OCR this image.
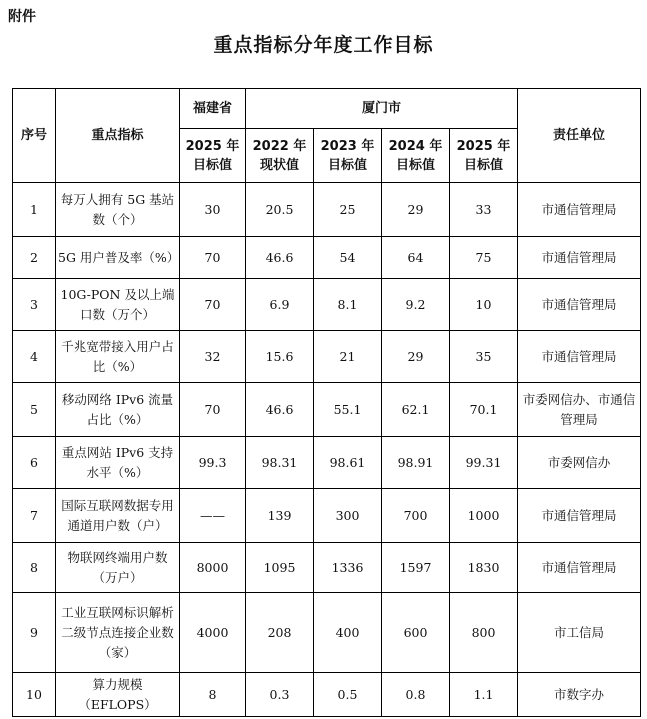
附件
重点指标分年度工作目标
序号	重点指标	福建省	厦门市				责任单位
		2025 年目标值	2022 年现状值	2023 年目标值	2024 年目标值	2025 年目标值	
1	每万人拥有 5G 基站数（个）	30	20.5	25	29	33	市通信管理局
2	5G 用户普及率（%）	70	46.6	54	64	75	市通信管理局
3	10G-PON 及以上端口数（万个）	70	6.9	8.1	9.2	10	市通信管理局
4	千兆宽带接入用户占比（%）	32	15.6	21	29	35	市通信管理局
5	移动网络 IPv6 流量占比（%）	70	46.6	55.1	62.1	70.1	市委网信办、市通信管理局
6	重点网站 IPv6 支持水平（%）	99.3	98.31	98.61	98.91	99.31	市委网信办
7	国际互联网数据专用通道用户数（户）	——	139	300	700	1000	市通信管理局
8	物联网终端用户数（万户）	8000	1095	1336	1597	1830	市通信管理局
9	工业互联网标识解析二级节点连接企业数（家）	4000	208	400	600	800	市工信局
10	算力规模（EFLOPS）	8	0.3	0.5	0.8	1.1	市数字办
